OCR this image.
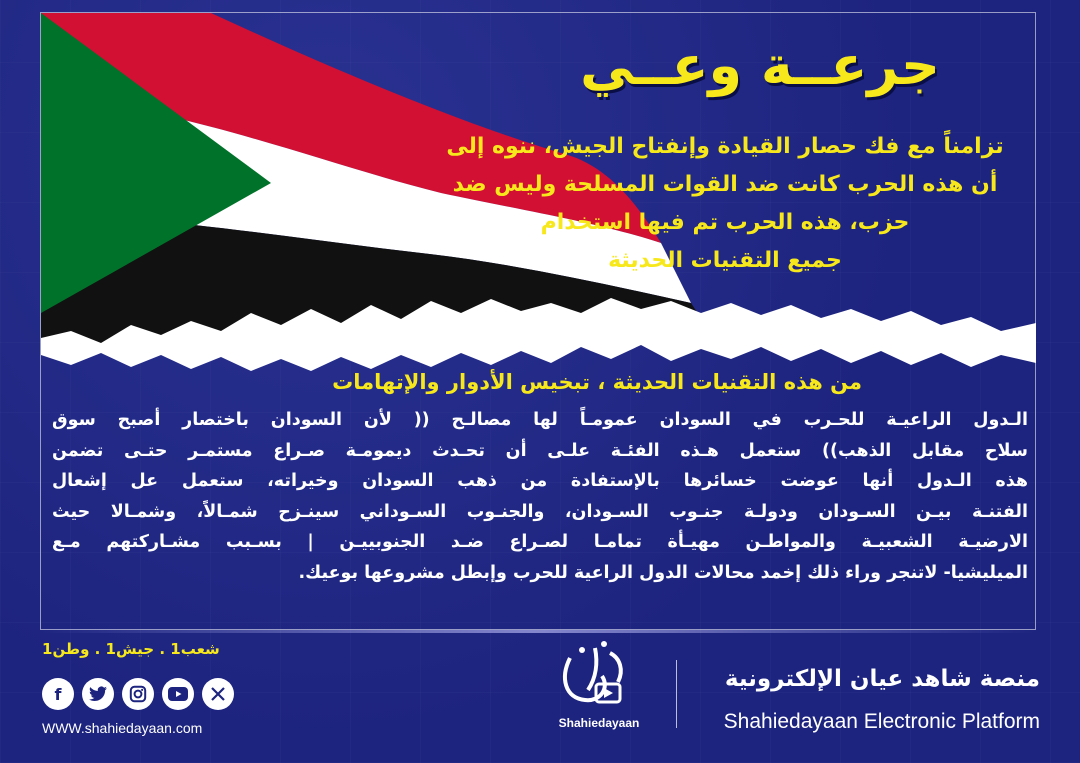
جرعــة وعــي
تزامناً مع فك حصار القيادة وإنفتاح الجيش، ننوه إلى
أن هذه الحرب كانت ضد القوات المسلحة وليس ضد
حزب، هذه الحرب تم فيها استخدام
جميع التقنيات الحديثة
من هذه التقنيات الحديثة ، تبخيس الأدوار والإتهامات
الـدول الراعيـة للحـرب في السودان عمومـاً لها مصالـح (( لأن السودان باختصار أصبح سوق
سلاح مقابل الذهب)) ستعمل هـذه الفئـة علـى أن تحـدث ديمومـة صـراع مستمـر حتـى تضمن
هذه الـدول أنها عوضت خسائرها بالإستفادة من ذهب السودان وخيراته، ستعمل عل إشعال
الفتنـة بيـن السـودان ودولـة جنـوب السـودان، والجنـوب السـوداني سينـزح شمـالاً، وشمـالا حيث
الارضيـة الشعبيـة والمواطـن مهيـأة تمامـا لصـراع ضـد الجنوبييـن | بسـبب مشـاركتهم مـع
الميليشيا- لاتنجر وراء ذلك إخمد محالات الدول الراعية للحرب وإبطل مشروعها بوعيك.
شعب1 . جيش1 . وطن1
f
WWW.shahiedayaan.com	Shahiedayaan
منصة شاهد عيان الإلكترونية
Shahiedayaan Electronic Platform
